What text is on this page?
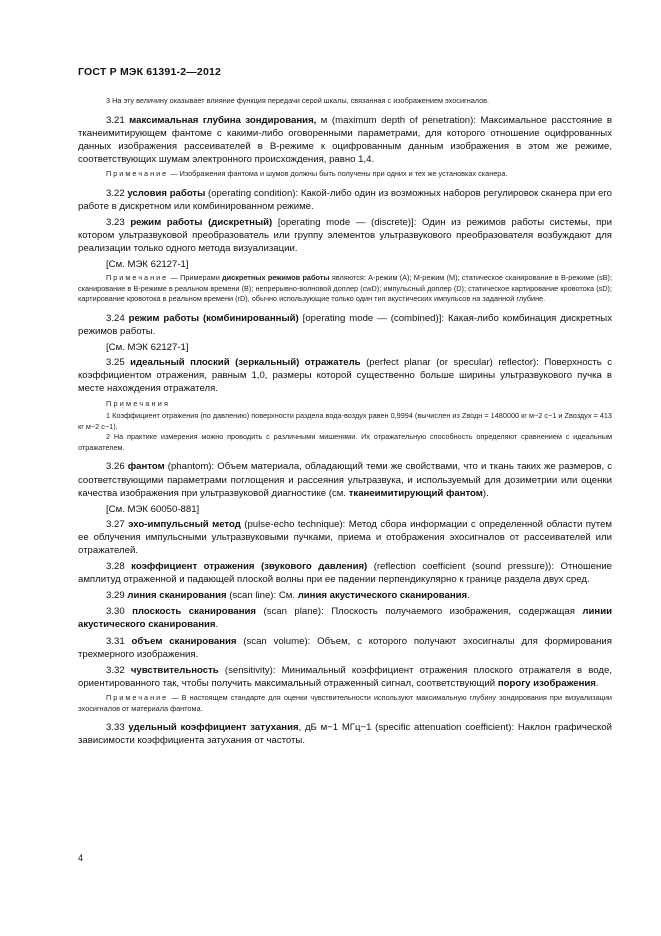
ГОСТ Р МЭК 61391-2—2012
3 На эту величину оказывает влияние функция передачи серой шкалы, связанная с изображением эхосигналов.
3.21 максимальная глубина зондирования, м (maximum depth of penetration): Максимальное расстояние в тканеимитирующем фантоме с какими-либо оговоренными параметрами, для которого отношение оцифрованных данных изображения рассеивателей в В-режиме к оцифрованным данным изображения в этом же режиме, соответствующих шумам электронного происхождения, равно 1,4.
Примечание — Изображения фантома и шумов должны быть получены при одних и тех же установках сканера.
3.22 условия работы (operating condition): Какой-либо один из возможных наборов регулировок сканера при его работе в дискретном или комбинированном режиме.
3.23 режим работы (дискретный) [operating mode — (discrete)]: Один из режимов работы системы, при котором ультразвуковой преобразователь или группу элементов ультразвукового преобразователя возбуждают для реализации только одного метода визуализации.
[См. МЭК 62127-1]
Примечание — Примерами дискретных режимов работы являются: А-режим (А); М-режим (М); статическое сканирование в В-режиме (sB); сканирование в В-режиме в реальном времени (В); непрерывно-волновой доплер (cwD); импульсный доплер (D); статическое картирование кровотока (sD); картирование кровотока в реальном времени (rD), обычно использующие только один тип акустических импульсов на заданной глубине.
3.24 режим работы (комбинированный) [operating mode — (combined)]: Какая-либо комбинация дискретных режимов работы.
[См. МЭК 62127-1]
3.25 идеальный плоский (зеркальный) отражатель (perfect planar (or specular) reflector): Поверхность с коэффициентом отражения, равным 1,0, размеры которой существенно больше ширины ультразвукового пучка в месте нахождения отражателя.
Примечания
1 Коэффициент отражения (по давлению) поверхности раздела вода-воздух равен 0,9994 (вычислен из Zводн = 1480000 кг м−2 с−1 и Zвоздух = 413 кг м−2 с−1).
2 На практике измерения можно проводить с различными мишенями. Их отражательную способность определяют сравнением с идеальным отражателем.
3.26 фантом (phantom): Объем материала, обладающий теми же свойствами, что и ткань таких же размеров, с соответствующими параметрами поглощения и рассеяния ультразвука, и используемый для дозиметрии или оценки качества изображения при ультразвуковой диагностике (см. тканеимитирующий фантом).
[См. МЭК 60050-881]
3.27 эхо-импульсный метод (pulse-echo technique): Метод сбора информации с определенной области путем ее облучения импульсными ультразвуковыми пучками, приема и отображения эхосигналов от рассеивателей или отражателей.
3.28 коэффициент отражения (звукового давления) (reflection coefficient (sound pressure)): Отношение амплитуд отраженной и падающей плоской волны при ее падении перпендикулярно к границе раздела двух сред.
3.29 линия сканирования (scan line): См. линия акустического сканирования.
3.30 плоскость сканирования (scan plane): Плоскость получаемого изображения, содержащая линии акустического сканирования.
3.31 объем сканирования (scan volume): Объем, с которого получают эхосигналы для формирования трехмерного изображения.
3.32 чувствительность (sensitivity): Минимальный коэффициент отражения плоского отражателя в воде, ориентированного так, чтобы получить максимальный отраженный сигнал, соответствующий порогу изображения.
Примечание — В настоящем стандарте для оценки чувствительности используют максимальную глубину зондирования при визуализации эхосигналов от материала фантома.
3.33 удельный коэффициент затухания, дБ м−1 МГц−1 (specific attenuation coefficient): Наклон графической зависимости коэффициента затухания от частоты.
4
